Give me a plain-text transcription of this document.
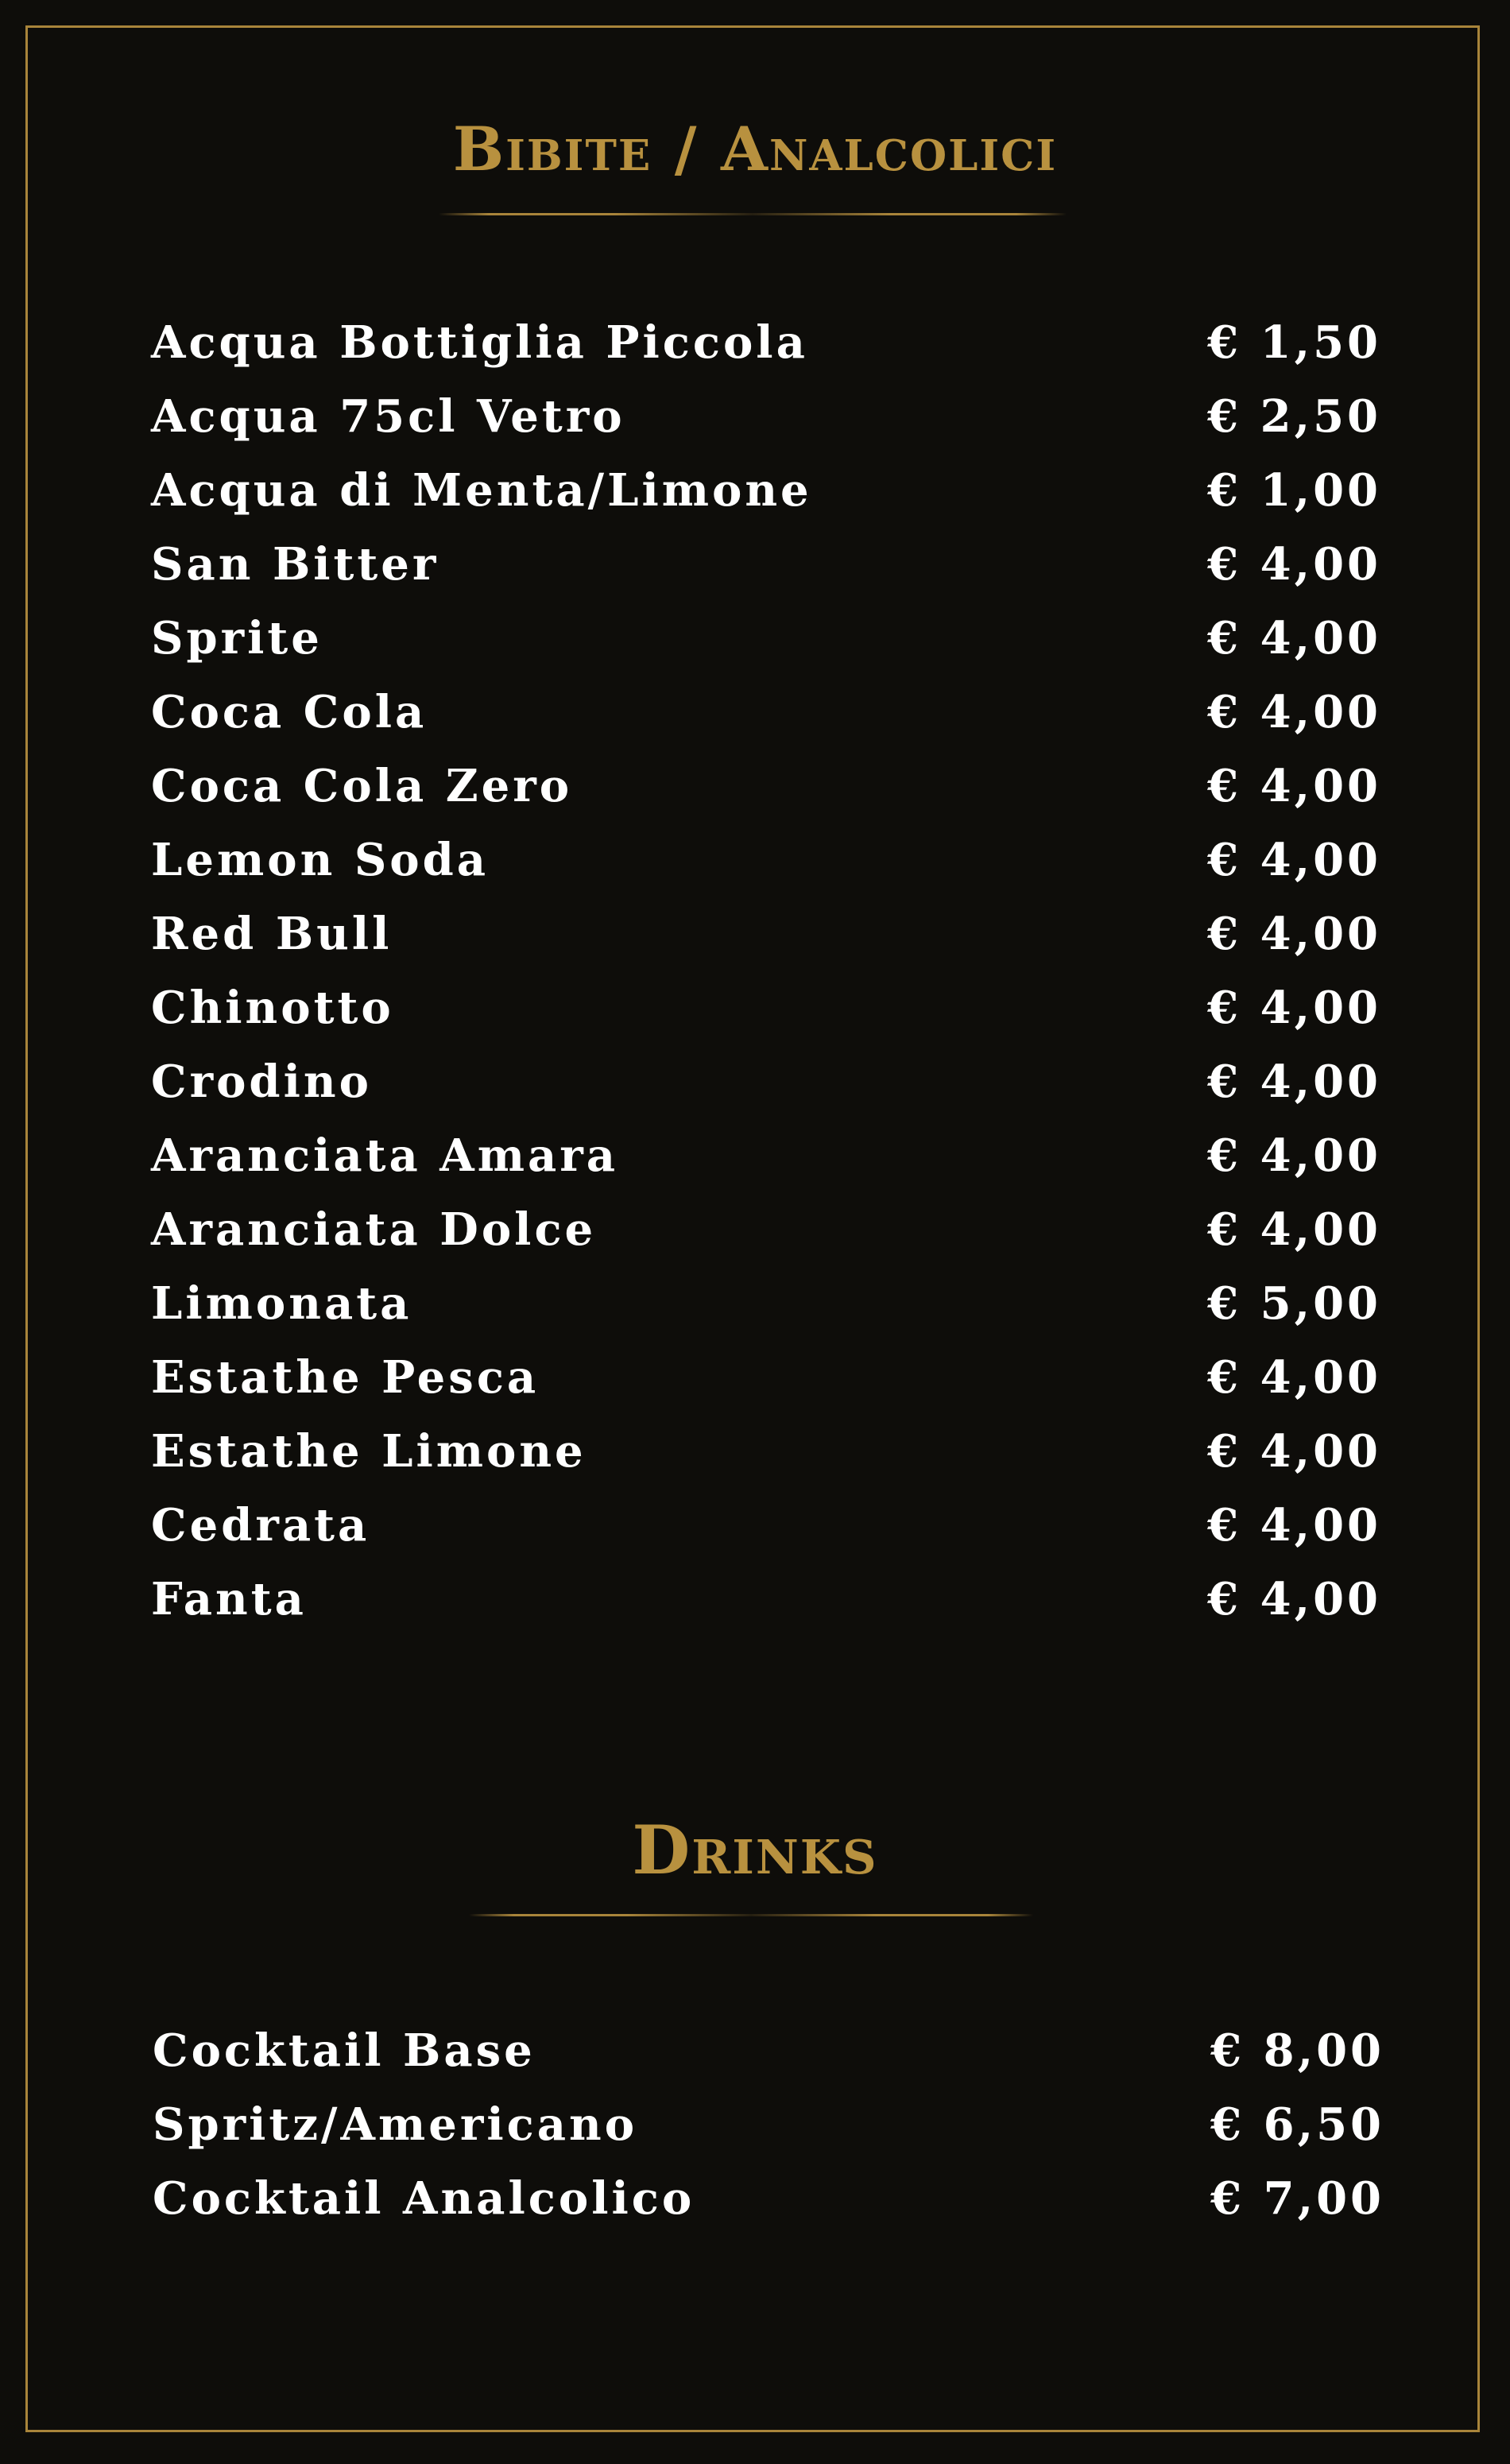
Bibite / Analcolici
Acqua Bottiglia Piccola	€ 1,50
Acqua 75cl Vetro	€ 2,50
Acqua di Menta/Limone	€ 1,00
San Bitter	€ 4,00
Sprite	€ 4,00
Coca Cola	€ 4,00
Coca Cola Zero	€ 4,00
Lemon Soda	€ 4,00
Red Bull	€ 4,00
Chinotto	€ 4,00
Crodino	€ 4,00
Aranciata Amara	€ 4,00
Aranciata Dolce	€ 4,00
Limonata	€ 5,00
Estathe Pesca	€ 4,00
Estathe Limone	€ 4,00
Cedrata	€ 4,00
Fanta	€ 4,00
Drinks
Cocktail Base	€ 8,00
Spritz/Americano	€ 6,50
Cocktail Analcolico	€ 7,00
